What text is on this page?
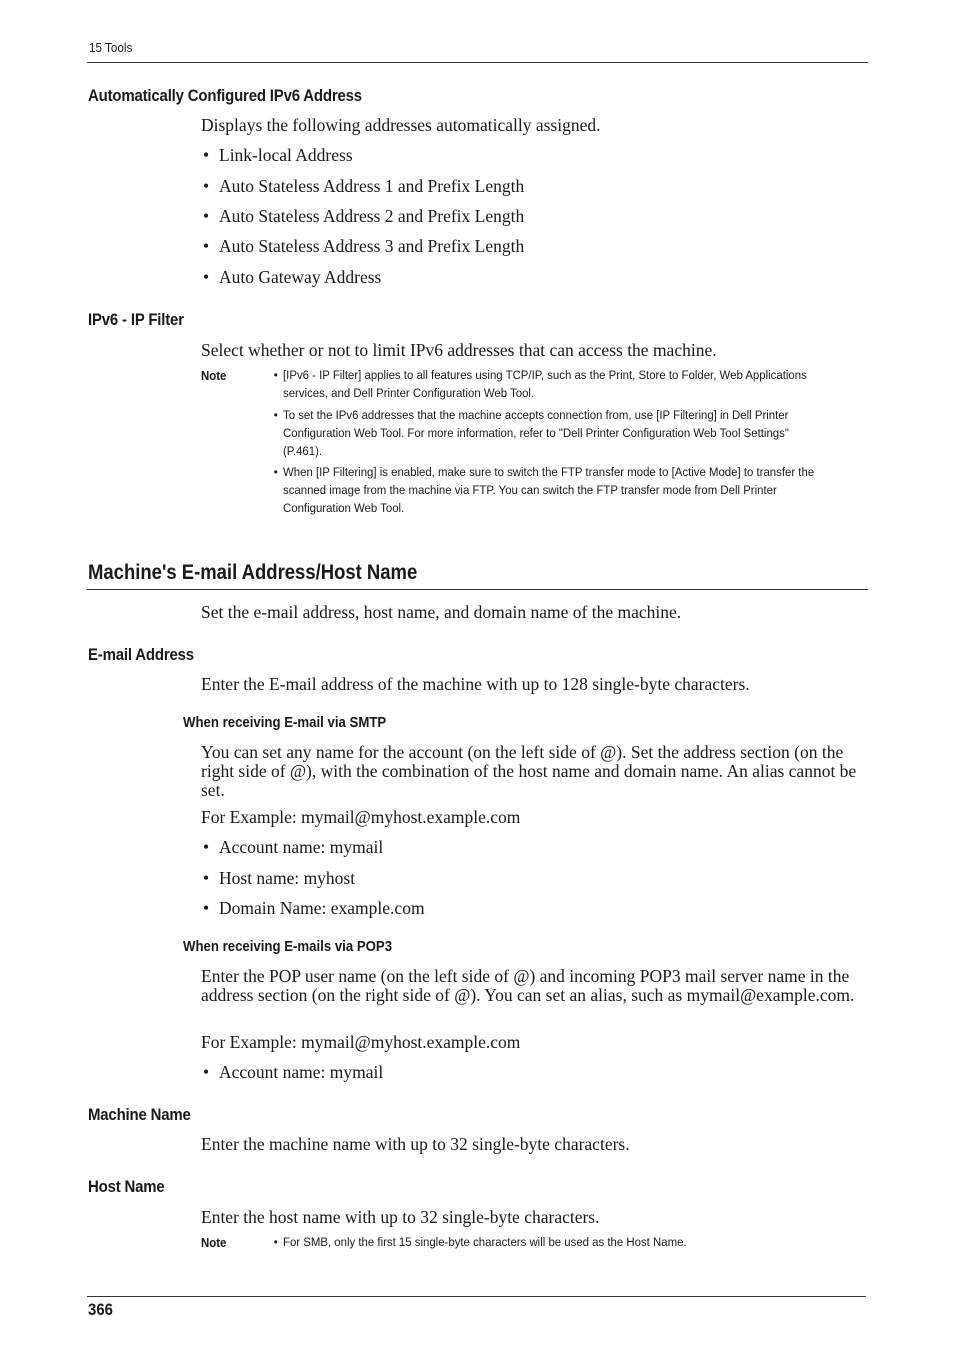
15 Tools
Automatically Configured IPv6 Address
Displays the following addresses automatically assigned.
• Link-local Address
• Auto Stateless Address 1 and Prefix Length
• Auto Stateless Address 2 and Prefix Length
• Auto Stateless Address 3 and Prefix Length
• Auto Gateway Address
IPv6 - IP Filter
Select whether or not to limit IPv6 addresses that can access the machine.
Note	• [IPv6 - IP Filter] applies to all features using TCP/IP, such as the Print, Store to Folder, Web Applications services, and Dell Printer Configuration Web Tool.
• To set the IPv6 addresses that the machine accepts connection from, use [IP Filtering] in Dell Printer Configuration Web Tool. For more information, refer to "Dell Printer Configuration Web Tool Settings" (P.461).
• When [IP Filtering] is enabled, make sure to switch the FTP transfer mode to [Active Mode] to transfer the scanned image from the machine via FTP. You can switch the FTP transfer mode from Dell Printer Configuration Web Tool.
Machine's E-mail Address/Host Name
Set the e-mail address, host name, and domain name of the machine.
E-mail Address
Enter the E-mail address of the machine with up to 128 single-byte characters.
When receiving E-mail via SMTP
You can set any name for the account (on the left side of @). Set the address section (on the right side of @), with the combination of the host name and domain name. An alias cannot be set.
For Example: mymail@myhost.example.com
• Account name: mymail
• Host name: myhost
• Domain Name: example.com
When receiving E-mails via POP3
Enter the POP user name (on the left side of @) and incoming POP3 mail server name in the address section (on the right side of @). You can set an alias, such as mymail@example.com.
For Example: mymail@myhost.example.com
• Account name: mymail
Machine Name
Enter the machine name with up to 32 single-byte characters.
Host Name
Enter the host name with up to 32 single-byte characters.
Note	• For SMB, only the first 15 single-byte characters will be used as the Host Name.
366
